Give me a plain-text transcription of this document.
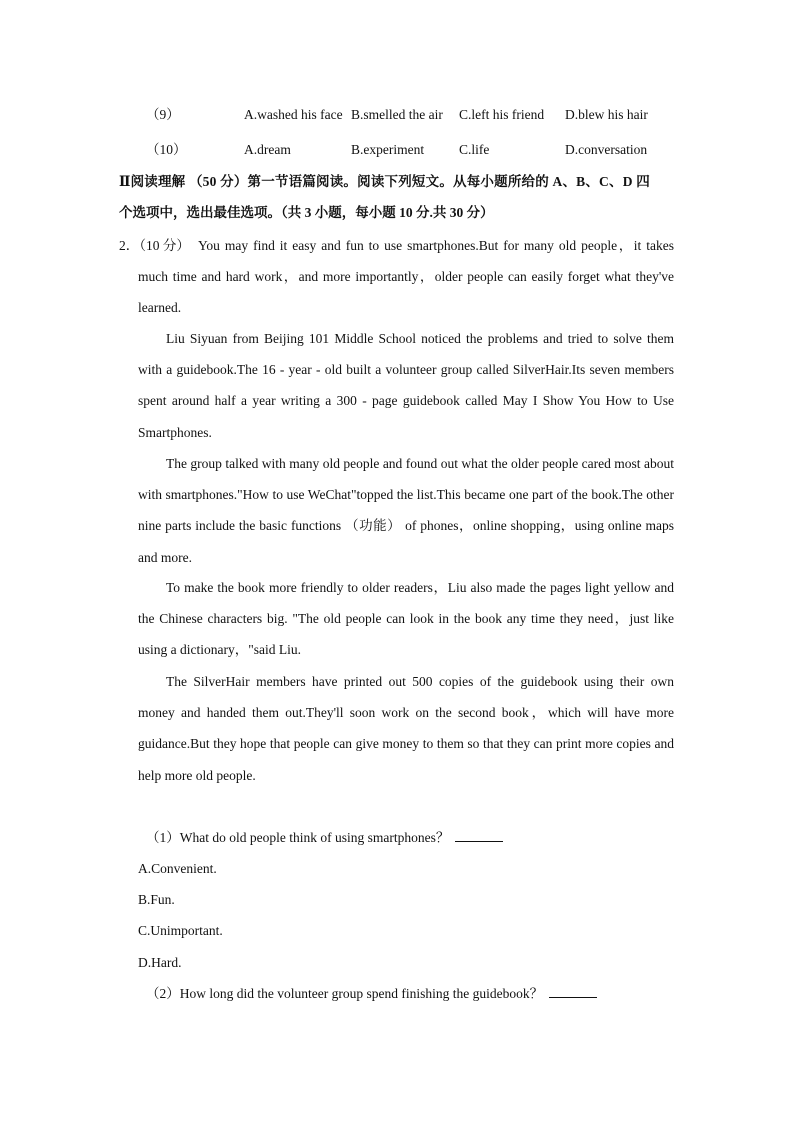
（9）	A.washed his face B.smelled the air C.left his friend D.blew his hair
（10）	A.dream	B.experiment	C.life	D.conversation
Ⅱ阅读理解 （50 分）第一节语篇阅读。阅读下列短文。从每小题所给的 A、B、C、D 四
个选项中，选出最佳选项。（共 3 小题，每小题 10 分.共 30 分）
2．（10 分） You may find it easy and fun to use smartphones.But for many old people，it takes much time and hard work，and more importantly，older people can easily forget what they've learned.
Liu Siyuan from Beijing 101 Middle School noticed the problems and tried to solve them with a guidebook.The 16 - year - old built a volunteer group called SilverHair.Its seven members spent around half a year writing a 300 - page guidebook called May I Show You How to Use Smartphones.
The group talked with many old people and found out what the older people cared most about with smartphones."How to use WeChat"topped the list.This became one part of the book.The other nine parts include the basic functions （功能） of phones，online shopping，using online maps and more.
To make the book more friendly to older readers，Liu also made the pages light yellow and the Chinese characters big. "The old people can look in the book any time they need，just like using a dictionary，"said Liu.
The SilverHair members have printed out 500 copies of the guidebook using their own money and handed them out.They'll soon work on the second book，which will have more guidance.But they hope that people can give money to them so that they can print more copies and help more old people.
（1）What do old people think of using smartphones？
A.Convenient.
B.Fun.
C.Unimportant.
D.Hard.
（2）How long did the volunteer group spend finishing the guidebook？
